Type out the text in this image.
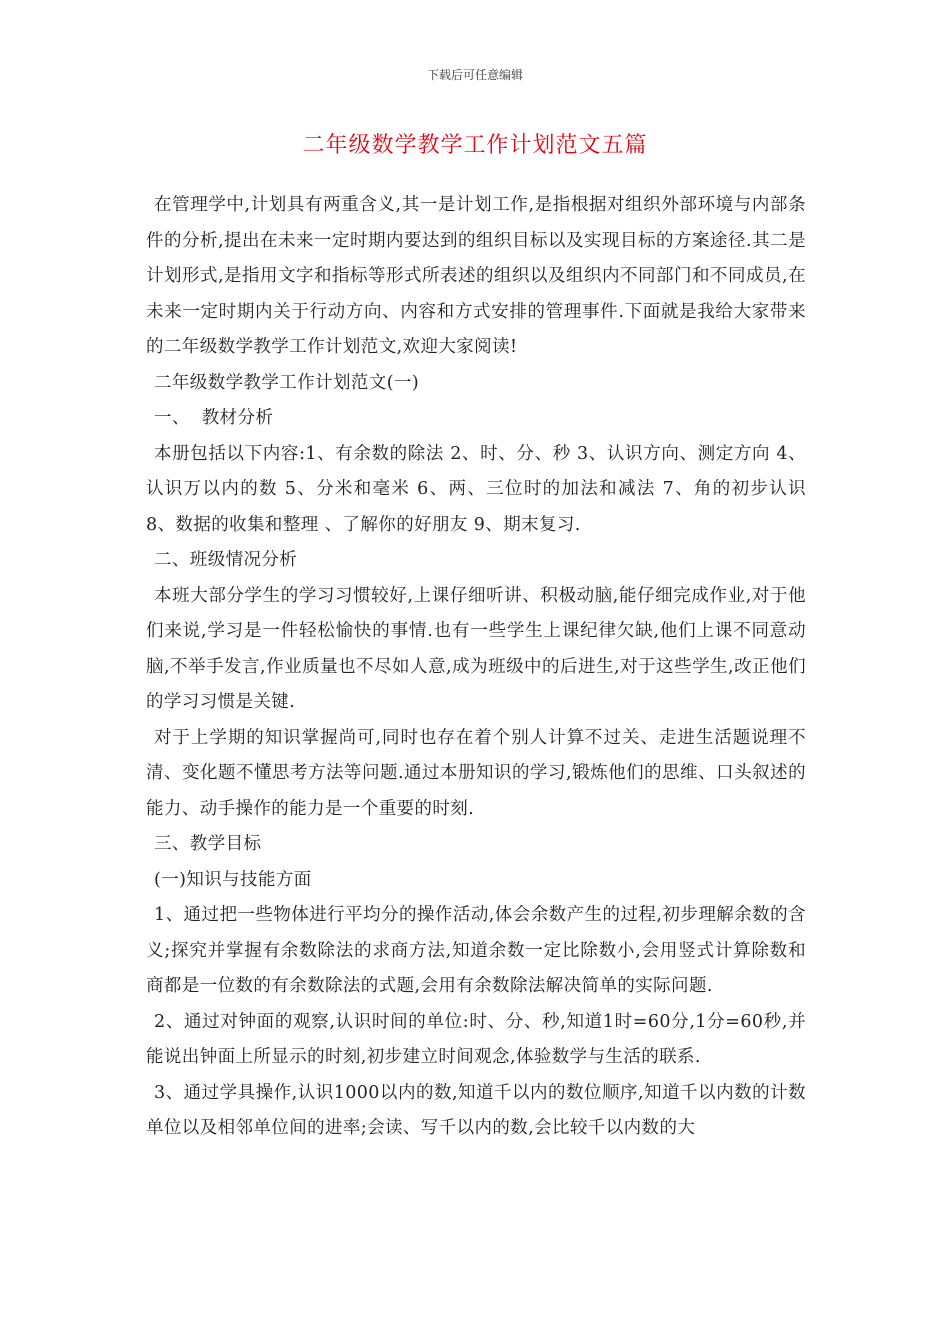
下载后可任意编辑
二年级数学教学工作计划范文五篇

在管理学中,计划具有两重含义,其一是计划工作,是指根据对组织外部环境与内部条件的分析,提出在未来一定时期内要达到的组织目标以及实现目标的方案途径.其二是计划形式,是指用文字和指标等形式所表述的组织以及组织内不同部门和不同成员,在未来一定时期内关于行动方向、内容和方式安排的管理事件.下面就是我给大家带来的二年级数学教学工作计划范文,欢迎大家阅读!

二年级数学教学工作计划范文(一)

一、  教材分析

本册包括以下内容:1、有余数的除法 2、时、分、秒 3、认识方向、测定方向 4、认识万以内的数 5、分米和毫米 6、两、三位时的加法和减法 7、角的初步认识 8、数据的收集和整理 、了解你的好朋友 9、期末复习.

二、班级情况分析

本班大部分学生的学习习惯较好,上课仔细听讲、积极动脑,能仔细完成作业,对于他们来说,学习是一件轻松愉快的事情.也有一些学生上课纪律欠缺,他们上课不同意动脑,不举手发言,作业质量也不尽如人意,成为班级中的后进生,对于这些学生,改正他们的学习习惯是关键.

对于上学期的知识掌握尚可,同时也存在着个别人计算不过关、走进生活题说理不清、变化题不懂思考方法等问题.通过本册知识的学习,锻炼他们的思维、口头叙述的能力、动手操作的能力是一个重要的时刻.

三、教学目标

(一)知识与技能方面

1、通过把一些物体进行平均分的操作活动,体会余数产生的过程,初步理解余数的含义;探究并掌握有余数除法的求商方法,知道余数一定比除数小,会用竖式计算除数和商都是一位数的有余数除法的式题,会用有余数除法解决简单的实际问题.

2、通过对钟面的观察,认识时间的单位:时、分、秒,知道1时=60分,1分=60秒,并能说出钟面上所显示的时刻,初步建立时间观念,体验数学与生活的联系.

3、通过学具操作,认识1000以内的数,知道千以内的数位顺序,知道千以内数的计数单位以及相邻单位间的进率;会读、写千以内的数,会比较千以内数的大
